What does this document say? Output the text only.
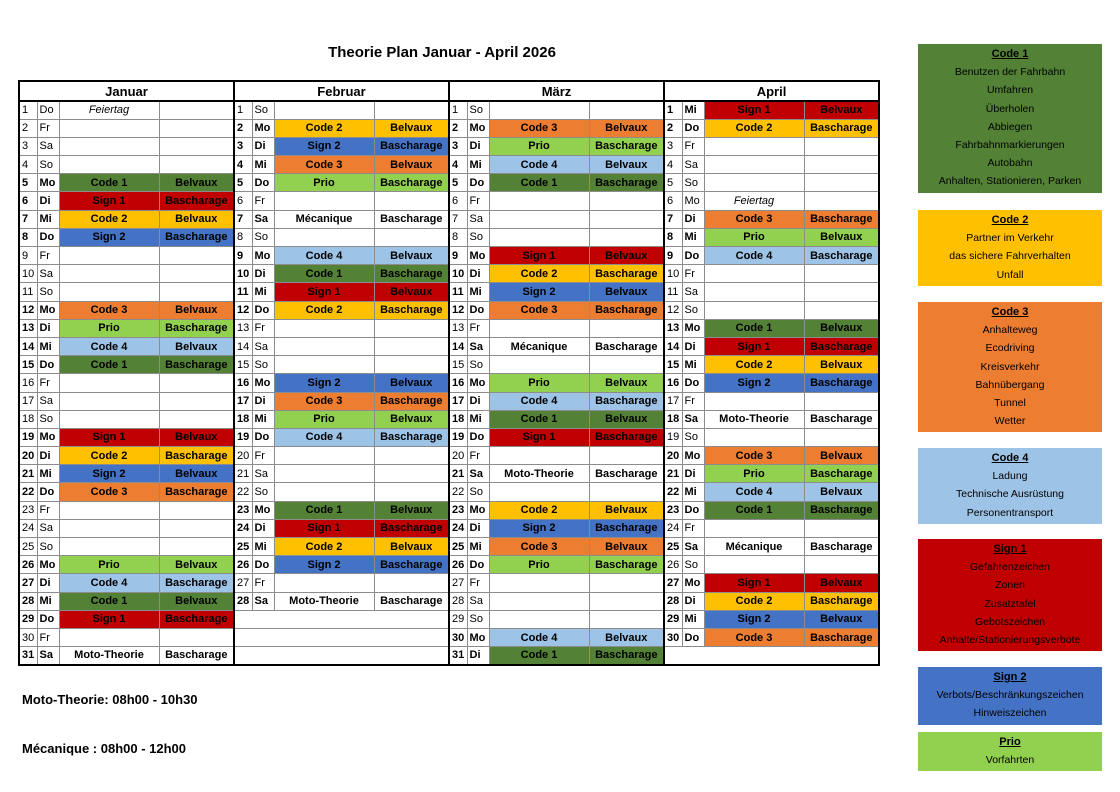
Theorie Plan Januar - April 2026
Januar				Februar				März				April			
1	Do	Feiertag		1	So			1	So			1	Mi	Sign 1	Belvaux
2	Fr			2	Mo	Code 2	Belvaux	2	Mo	Code 3	Belvaux	2	Do	Code 2	Bascharage
3	Sa			3	Di	Sign 2	Bascharage	3	Di	Prio	Bascharage	3	Fr		
4	So			4	Mi	Code 3	Belvaux	4	Mi	Code 4	Belvaux	4	Sa		
5	Mo	Code 1	Belvaux	5	Do	Prio	Bascharage	5	Do	Code 1	Bascharage	5	So		
6	Di	Sign 1	Bascharage	6	Fr			6	Fr			6	Mo	Feiertag	
7	Mi	Code 2	Belvaux	7	Sa	Mécanique	Bascharage	7	Sa			7	Di	Code 3	Bascharage
8	Do	Sign 2	Bascharage	8	So			8	So			8	Mi	Prio	Belvaux
9	Fr			9	Mo	Code 4	Belvaux	9	Mo	Sign 1	Belvaux	9	Do	Code 4	Bascharage
10	Sa			10	Di	Code 1	Bascharage	10	Di	Code 2	Bascharage	10	Fr		
11	So			11	Mi	Sign 1	Belvaux	11	Mi	Sign 2	Belvaux	11	Sa		
12	Mo	Code 3	Belvaux	12	Do	Code 2	Bascharage	12	Do	Code 3	Bascharage	12	So		
13	Di	Prio	Bascharage	13	Fr			13	Fr			13	Mo	Code 1	Belvaux
14	Mi	Code 4	Belvaux	14	Sa			14	Sa	Mécanique	Bascharage	14	Di	Sign 1	Bascharage
15	Do	Code 1	Bascharage	15	So			15	So			15	Mi	Code 2	Belvaux
16	Fr			16	Mo	Sign 2	Belvaux	16	Mo	Prio	Belvaux	16	Do	Sign 2	Bascharage
17	Sa			17	Di	Code 3	Bascharage	17	Di	Code 4	Bascharage	17	Fr		
18	So			18	Mi	Prio	Belvaux	18	Mi	Code 1	Belvaux	18	Sa	Moto-Theorie	Bascharage
19	Mo	Sign 1	Belvaux	19	Do	Code 4	Bascharage	19	Do	Sign 1	Bascharage	19	So		
20	Di	Code 2	Bascharage	20	Fr			20	Fr			20	Mo	Code 3	Belvaux
21	Mi	Sign 2	Belvaux	21	Sa			21	Sa	Moto-Theorie	Bascharage	21	Di	Prio	Bascharage
22	Do	Code 3	Bascharage	22	So			22	So			22	Mi	Code 4	Belvaux
23	Fr			23	Mo	Code 1	Belvaux	23	Mo	Code 2	Belvaux	23	Do	Code 1	Bascharage
24	Sa			24	Di	Sign 1	Bascharage	24	Di	Sign 2	Bascharage	24	Fr		
25	So			25	Mi	Code 2	Belvaux	25	Mi	Code 3	Belvaux	25	Sa	Mécanique	Bascharage
26	Mo	Prio	Belvaux	26	Do	Sign 2	Bascharage	26	Do	Prio	Bascharage	26	So		
27	Di	Code 4	Bascharage	27	Fr			27	Fr			27	Mo	Sign 1	Belvaux
28	Mi	Code 1	Belvaux	28	Sa	Moto-Theorie	Bascharage	28	Sa			28	Di	Code 2	Bascharage
29	Do	Sign 1	Bascharage					29	So			29	Mi	Sign 2	Belvaux
30	Fr							30	Mo	Code 4	Belvaux	30	Do	Code 3	Bascharage
31	Sa	Moto-Theorie	Bascharage					31	Di	Code 1	Bascharage				
Moto-Theorie: 08h00 - 10h30
Mécanique : 08h00 - 12h00
Code 1
Benutzen der Fahrbahn
Umfahren
Überholen
Abbiegen
Fahrbahnmarkierungen
Autobahn
Anhalten, Stationieren, Parken
Code 2
Partner im Verkehr
das sichere Fahrverhalten
Unfall
Code 3
Anhalteweg
Ecodriving
Kreisverkehr
Bahnübergang
Tunnel
Wetter
Code 4
Ladung
Technische Ausrüstung
Personentransport
Sign 1
Gefahrenzeichen
Zonen
Zusatztafel
Gebotszeichen
Anhalte/Stationierungsverbote
Sign 2
Verbots/Beschränkungszeichen
Hinweiszeichen
Prio
Vorfahrten
